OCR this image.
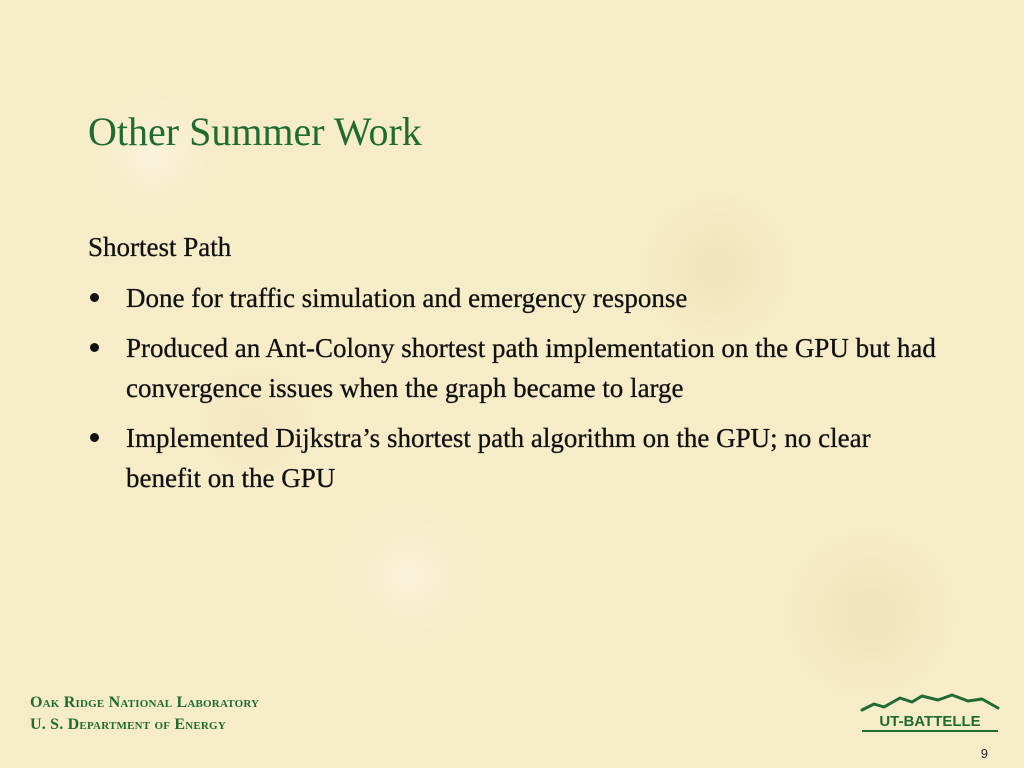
Other Summer Work
Shortest Path
Done for traffic simulation and emergency response
Produced an Ant-Colony shortest path implementation on the GPU but had convergence issues when the graph became to large
Implemented Dijkstra’s shortest path algorithm on the GPU; no clear benefit on the GPU
Oak Ridge National Laboratory
U. S. Department of Energy	UT-BATTELLE
9
